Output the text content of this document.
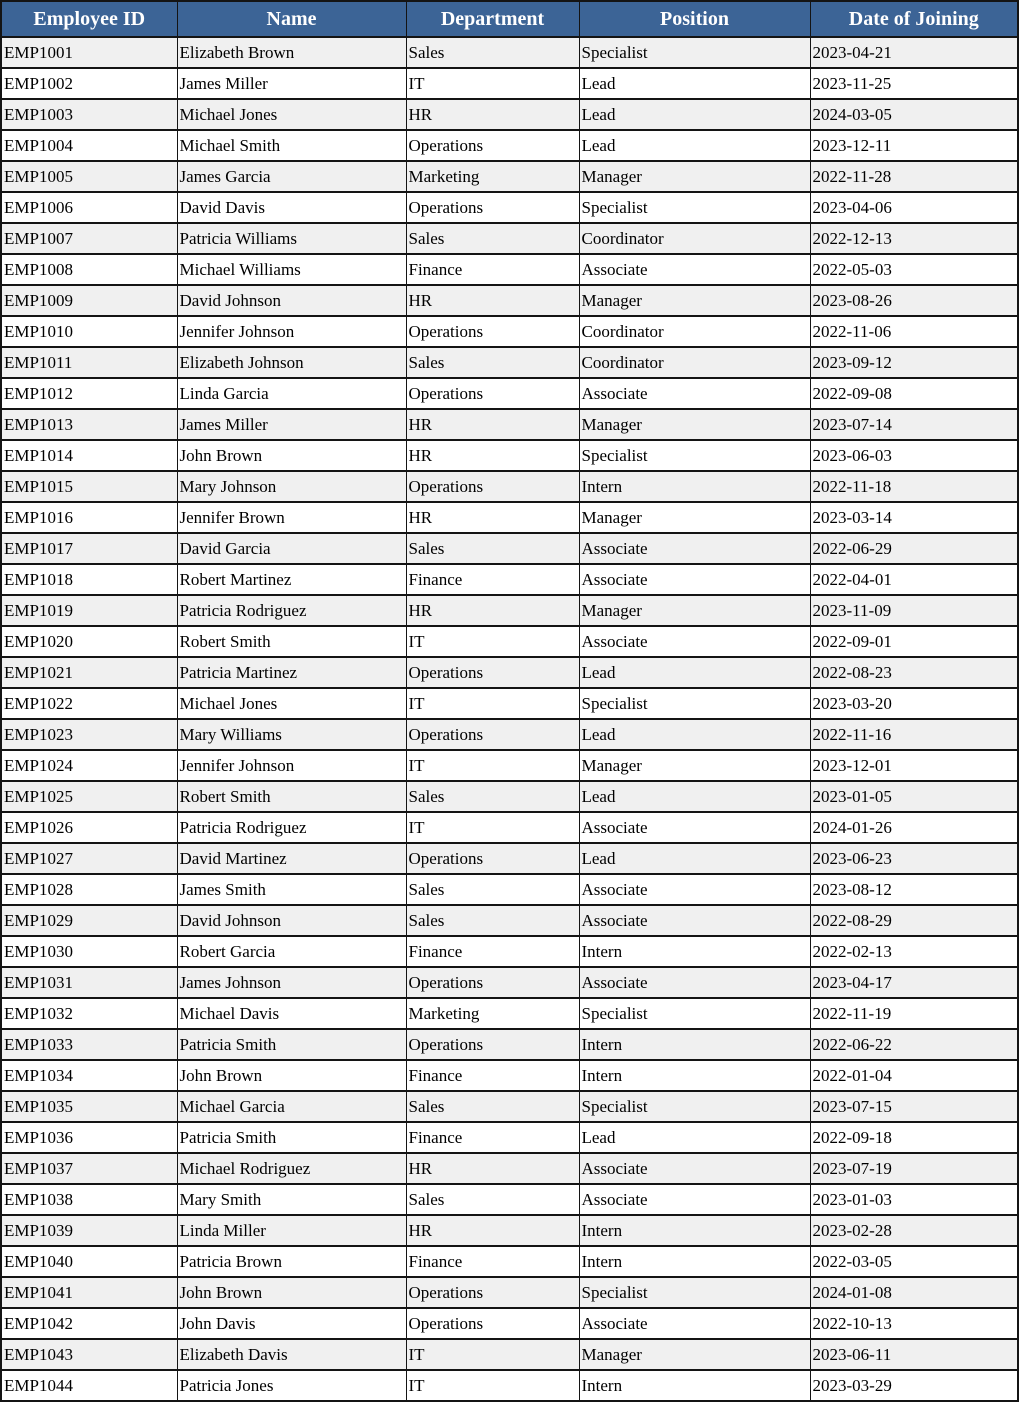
Employee ID	Name	Department	Position	Date of Joining
EMP1001	Elizabeth Brown	Sales	Specialist	2023-04-21
EMP1002	James Miller	IT	Lead	2023-11-25
EMP1003	Michael Jones	HR	Lead	2024-03-05
EMP1004	Michael Smith	Operations	Lead	2023-12-11
EMP1005	James Garcia	Marketing	Manager	2022-11-28
EMP1006	David Davis	Operations	Specialist	2023-04-06
EMP1007	Patricia Williams	Sales	Coordinator	2022-12-13
EMP1008	Michael Williams	Finance	Associate	2022-05-03
EMP1009	David Johnson	HR	Manager	2023-08-26
EMP1010	Jennifer Johnson	Operations	Coordinator	2022-11-06
EMP1011	Elizabeth Johnson	Sales	Coordinator	2023-09-12
EMP1012	Linda Garcia	Operations	Associate	2022-09-08
EMP1013	James Miller	HR	Manager	2023-07-14
EMP1014	John Brown	HR	Specialist	2023-06-03
EMP1015	Mary Johnson	Operations	Intern	2022-11-18
EMP1016	Jennifer Brown	HR	Manager	2023-03-14
EMP1017	David Garcia	Sales	Associate	2022-06-29
EMP1018	Robert Martinez	Finance	Associate	2022-04-01
EMP1019	Patricia Rodriguez	HR	Manager	2023-11-09
EMP1020	Robert Smith	IT	Associate	2022-09-01
EMP1021	Patricia Martinez	Operations	Lead	2022-08-23
EMP1022	Michael Jones	IT	Specialist	2023-03-20
EMP1023	Mary Williams	Operations	Lead	2022-11-16
EMP1024	Jennifer Johnson	IT	Manager	2023-12-01
EMP1025	Robert Smith	Sales	Lead	2023-01-05
EMP1026	Patricia Rodriguez	IT	Associate	2024-01-26
EMP1027	David Martinez	Operations	Lead	2023-06-23
EMP1028	James Smith	Sales	Associate	2023-08-12
EMP1029	David Johnson	Sales	Associate	2022-08-29
EMP1030	Robert Garcia	Finance	Intern	2022-02-13
EMP1031	James Johnson	Operations	Associate	2023-04-17
EMP1032	Michael Davis	Marketing	Specialist	2022-11-19
EMP1033	Patricia Smith	Operations	Intern	2022-06-22
EMP1034	John Brown	Finance	Intern	2022-01-04
EMP1035	Michael Garcia	Sales	Specialist	2023-07-15
EMP1036	Patricia Smith	Finance	Lead	2022-09-18
EMP1037	Michael Rodriguez	HR	Associate	2023-07-19
EMP1038	Mary Smith	Sales	Associate	2023-01-03
EMP1039	Linda Miller	HR	Intern	2023-02-28
EMP1040	Patricia Brown	Finance	Intern	2022-03-05
EMP1041	John Brown	Operations	Specialist	2024-01-08
EMP1042	John Davis	Operations	Associate	2022-10-13
EMP1043	Elizabeth Davis	IT	Manager	2023-06-11
EMP1044	Patricia Jones	IT	Intern	2023-03-29
